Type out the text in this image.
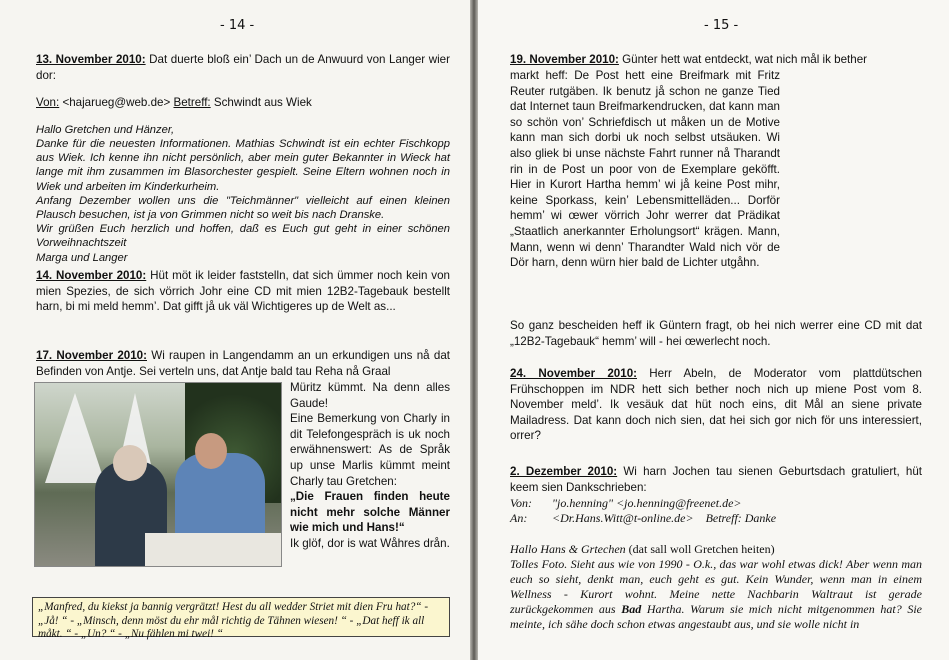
- 14 -

13. November 2010: Dat duerte bloß ein’ Dach un de Anwuurd von Langer wier dor:

Von: <hajarueg@web.de> Betreff: Schwindt aus Wiek

Hallo Gretchen und Hänzer,

Danke für die neuesten Informationen. Mathias Schwindt ist ein echter Fischkopp aus Wiek. Ich kenne ihn nicht persönlich, aber mein guter Bekannter in Wieck hat lange mit ihm zusammen im Blasorchester gespielt. Seine Eltern wohnen noch in Wiek und arbeiten im Kinderkurheim.

Anfang Dezember wollen uns die "Teichmänner" vielleicht auf einen kleinen Plausch besuchen, ist ja von Grimmen nicht so weit bis nach Dranske.

Wir grüßen Euch herzlich und hoffen, daß es Euch gut geht in einer schönen Vorweihnachtszeit

Marga und Langer

14. November 2010: Hüt möt ik leider faststelln, dat sich ümmer noch kein von mien Spezies, de sich vörrich Johr eine CD mit mien 12B2-Tagebauk bestellt harn, bi mi meld hemm’. Dat gifft jå uk väl Wichtigeres up de Welt as...

17. November 2010: Wi raupen in Langendamm an un erkundigen uns nå dat Befinden von Antje. Sei verteln uns, dat Antje bald tau Reha nå Graal

Müritz kümmt. Na denn alles Gaude!

Eine Bemerkung von Charly in dit Telefongespräch is uk noch erwähnenswert: As de Språk up unse Marlis kümmt meint Charly tau Gretchen:

„Die Frauen finden heute nicht mehr solche Männer wie mich und Hans!“

Ik glöf, dor is wat Wåhres drån.

„Manfred, du kiekst ja bannig vergrätzt! Hest du all wedder Striet mit dien Fru hat?“ - „Jå! “ - „Minsch, denn möst du ehr mål richtig de Tähnen wiesen! “ - „Dat heff ik all måkt. “ - „Un? “ - „Nu fählen mi twei! “
- 15 -

19. November 2010: Günter hett wat entdeckt, wat nich mål ik bether

markt heff: De Post hett eine Breifmark mit Fritz Reuter rutgäben. Ik benutz jå schon ne ganze Tied dat Internet taun Breifmarkendrucken, dat kann man so schön von’ Schriefdisch ut måken un de Motive kann man sich dorbi uk noch selbst utsäuken. Wi also gliek bi unse nächste Fahrt runner nå Tharandt rin in de Post un poor von de Exemplare geköfft. Hier in Kurort Hartha hemm’ wi jå keine Post mihr, keine Sporkass, kein’ Lebensmittelläden... Dorför hemm’ wi œwer vörrich Johr werrer dat Prädikat „Staatlich anerkannter Erholungsort“ krägen. Mann, Mann, wenn wi denn’ Tharandter Wald nich vör de Dör harn, denn würn hier bald de Lichter utgåhn.

So ganz bescheiden heff ik Güntern fragt, ob hei nich werrer eine CD mit dat „12B2-Tagebauk“ hemm’ will - hei œwerlecht noch.

24. November 2010: Herr Abeln, de Moderator vom plattdütschen Frühschoppen im NDR hett sich bether noch nich up miene Post vom 8. November meld’. Ik vesäuk dat hüt noch eins, dit Mål an siene private Mailadress. Dat kann doch nich sien, dat hei sich gor nich för uns interessiert, orrer?

2. Dezember 2010: Wi harn Jochen tau sienen Geburtsdach gratuliert, hüt keem sien Dankschrieben:

Von: "jo.henning" <jo.henning@freenet.de>

An: <Dr.Hans.Witt@t-online.de> Betreff: Danke

Hallo Hans & Grtechen (dat sall woll Gretchen heiten)

Tolles Foto. Sieht aus wie von 1990 - O.k., das war wohl etwas dick! Aber wenn man euch so sieht, denkt man, euch geht es gut. Kein Wunder, wenn man in einem Wellness - Kurort wohnt. Meine nette Nachbarin Waltraut ist gerade zurückgekommen aus Bad Hartha. Warum sie mich nicht mitgenommen hat? Sie meinte, ich sähe doch schon etwas angestaubt aus, und sie wolle nicht in
